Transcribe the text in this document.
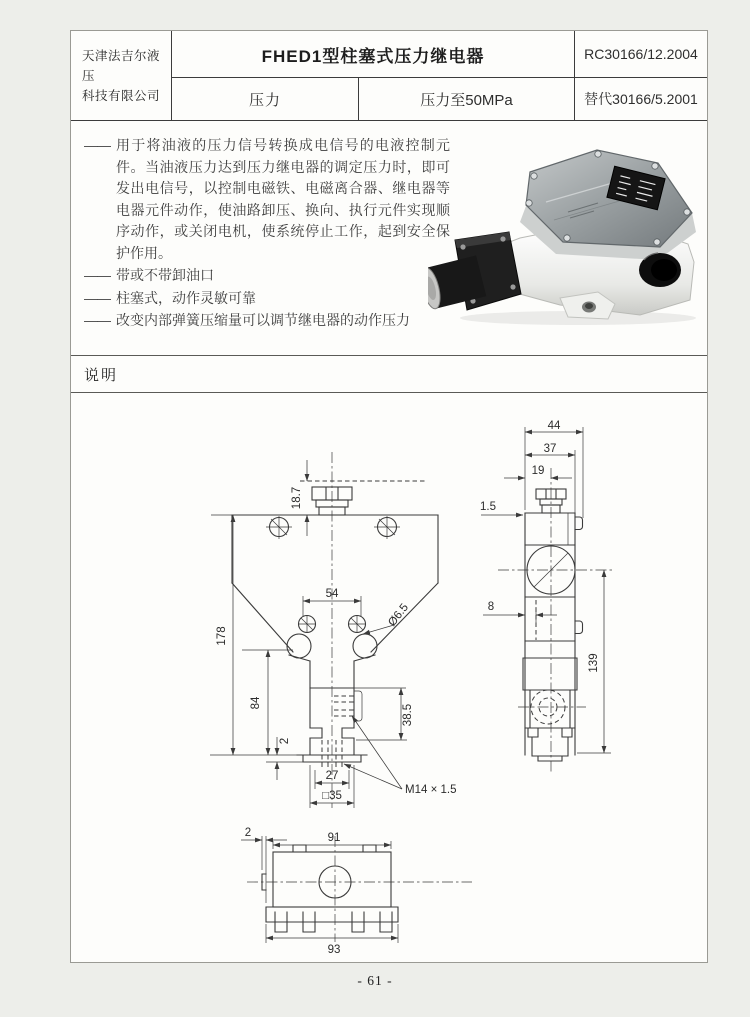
天津法吉尔液压
科技有限公司
FHED1型柱塞式压力继电器	RC30166/12.2004
压力	压力至50MPa	替代30166/5.2001
—— 用于将油液的压力信号转换成电信号的电液控制元件。当油液压力达到压力继电器的调定压力时，即可发出电信号，以控制电磁铁、电磁离合器、继电器等电器元件动作，使油路卸压、换向、执行元件实现顺序动作，或关闭电机，使系统停止工作，起到安全保护作用。

—— 带或不带卸油口

—— 柱塞式，动作灵敏可靠

—— 改变内部弹簧压缩量可以调节继电器的动作压力

说明
18.7
178
84
2
54
Ø6.5
38.5
27
□35	M14 × 1.5
44
37
19
1.5
8
139
91
93
2
- 61 -
